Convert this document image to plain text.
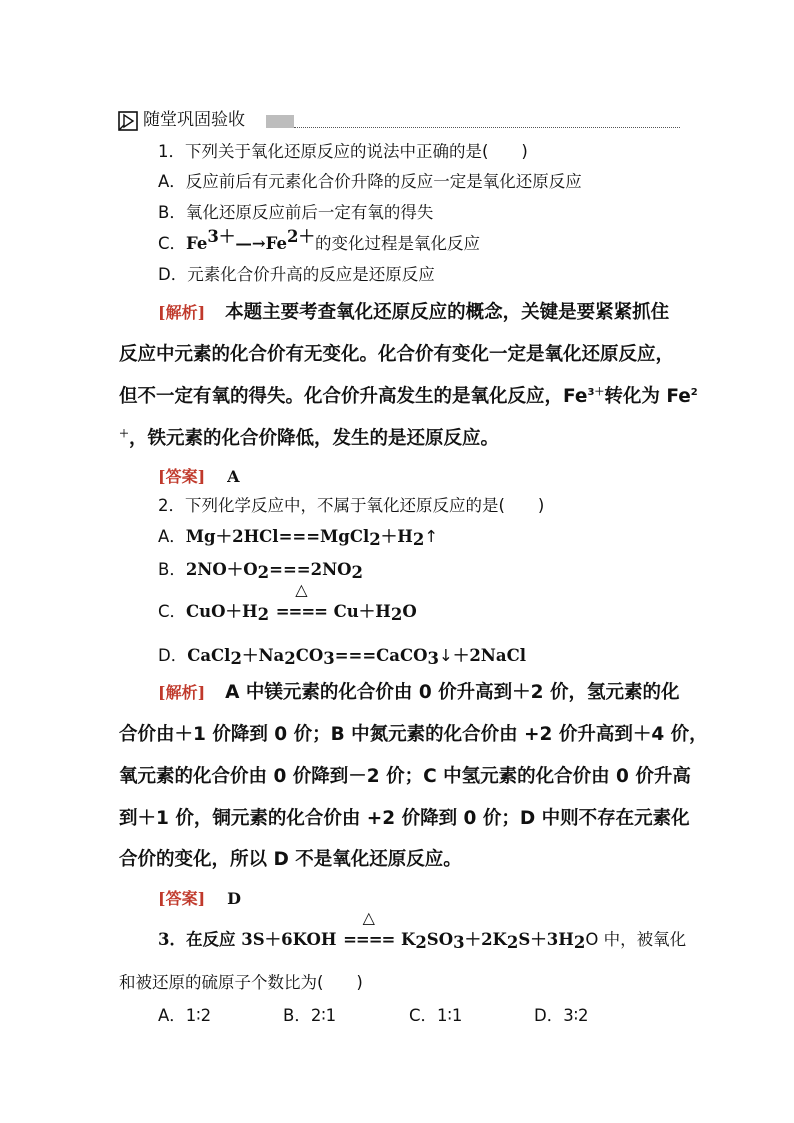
随堂巩固验收
1．下列关于氧化还原反应的说法中正确的是(　　)
A．反应前后有元素化合价升降的反应一定是氧化还原反应
B．氧化还原反应前后一定有氧的得失
C．$Fe^{3+}—\to Fe^{2+}$的变化过程是氧化反应
D．元素化合价升高的反应是还原反应
[解析] 本题主要考查氧化还原反应的概念，关键是要紧紧抓住
反应中元素的化合价有无变化。化合价有变化一定是氧化还原反应，
但不一定有氧的得失。化合价升高发生的是氧化反应，$Fe^{3+}$转化为 Fe$^2$
＋，铁元素的化合价降低，发生的是还原反应。
[答案] A
2．下列化学反应中，不属于氧化还原反应的是(　　)
A．$Mg+2HCl===MgCl_2+H_2↑$
B．$2NO+O_2===2NO_2$
C．$CuO+H_2$
△
==== $Cu+H_2O$
D．$CaCl_2+Na_2CO_3===CaCO_3↓+2NaCl$
[解析] A 中镁元素的化合价由 0 价升高到＋2 价，氢元素的化
合价由＋1 价降到 0 价；B 中氮元素的化合价由 +2 价升高到＋4 价，
氧元素的化合价由 0 价降到－2 价；C 中氢元素的化合价由 0 价升高
到＋1 价，铜元素的化合价由 +2 价降到 0 价；D 中则不存在元素化
合价的变化，所以 D 不是氧化还原反应。
[答案] D
3．在反应 3S＋6KOH
△
==== $K_2SO_3+2K_2S+3H_2O$ 中，被氧化
和被还原的硫原子个数比为(　　)
A．1∶2	B．2∶1	C．1∶1	D．3∶2
